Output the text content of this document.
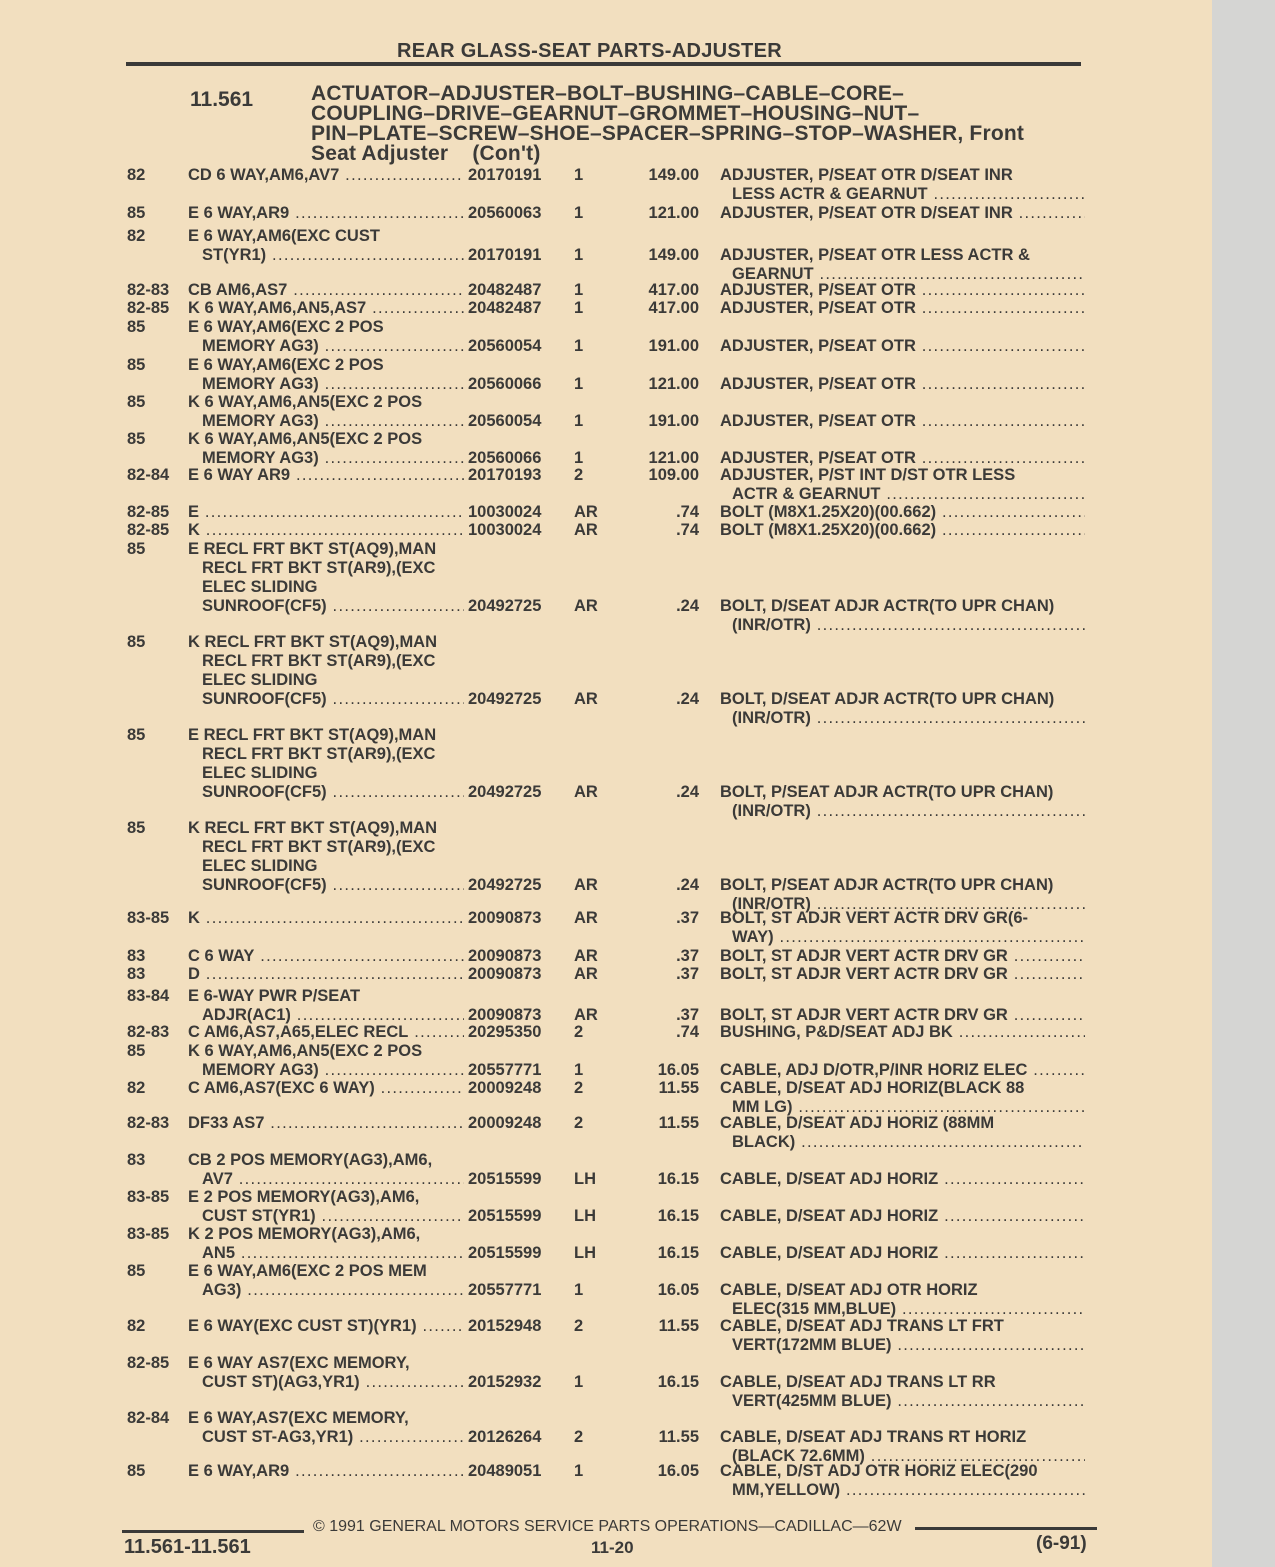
REAR GLASS-SEAT PARTS-ADJUSTER
11.561	ACTUATOR–ADJUSTER–BOLT–BUSHING–CABLE–CORE–
COUPLING–DRIVE–GEARNUT–GROMMET–HOUSING–NUT–
PIN–PLATE–SCREW–SHOE–SPACER–SPRING–STOP–WASHER, Front
Seat Adjuster    (Con't)
82	CD 6 WAY,AM6,AV7 .....	20170191	1	149.00 ADJUSTER, P/SEAT OTR D/SEAT INR
LESS ACTR & GEARNUT .....
85	E 6 WAY,AR9 .....	20560063	1	121.00 ADJUSTER, P/SEAT OTR D/SEAT INR .....
82	E 6 WAY,AM6(EXC CUST
ST(YR1) .....	20170191	1	149.00 ADJUSTER, P/SEAT OTR LESS ACTR &
GEARNUT .....
82-83	CB AM6,AS7 .....	20482487	1	417.00 ADJUSTER, P/SEAT OTR .....
82-85	K 6 WAY,AM6,AN5,AS7 .....	20482487	1	417.00 ADJUSTER, P/SEAT OTR .....
85	E 6 WAY,AM6(EXC 2 POS
MEMORY AG3) .....	20560054	1	191.00 ADJUSTER, P/SEAT OTR .....
85	E 6 WAY,AM6(EXC 2 POS
MEMORY AG3) .....	20560066	1	121.00 ADJUSTER, P/SEAT OTR .....
85	K 6 WAY,AM6,AN5(EXC 2 POS
MEMORY AG3) .....	20560054	1	191.00 ADJUSTER, P/SEAT OTR .....
85	K 6 WAY,AM6,AN5(EXC 2 POS
MEMORY AG3) .....	20560066	1	121.00 ADJUSTER, P/SEAT OTR .....
82-84	E 6 WAY AR9 .....	20170193	2	109.00 ADJUSTER, P/ST INT D/ST OTR LESS
ACTR & GEARNUT .....
82-85	E .....	10030024	AR	.74 BOLT (M8X1.25X20)(00.662) .....
82-85	K .....	10030024	AR	.74 BOLT (M8X1.25X20)(00.662) .....
85	E RECL FRT BKT ST(AQ9),MAN
RECL FRT BKT ST(AR9),(EXC
ELEC SLIDING
SUNROOF(CF5) .....	20492725	AR	.24 BOLT, D/SEAT ADJR ACTR(TO UPR CHAN)
(INR/OTR) .....
85	K RECL FRT BKT ST(AQ9),MAN
RECL FRT BKT ST(AR9),(EXC
ELEC SLIDING
SUNROOF(CF5) .....	20492725	AR	.24 BOLT, D/SEAT ADJR ACTR(TO UPR CHAN)
(INR/OTR) .....
85	E RECL FRT BKT ST(AQ9),MAN
RECL FRT BKT ST(AR9),(EXC
ELEC SLIDING
SUNROOF(CF5) .....	20492725	AR	.24 BOLT, P/SEAT ADJR ACTR(TO UPR CHAN)
(INR/OTR) .....
85	K RECL FRT BKT ST(AQ9),MAN
RECL FRT BKT ST(AR9),(EXC
ELEC SLIDING
SUNROOF(CF5) .....	20492725	AR	.24 BOLT, P/SEAT ADJR ACTR(TO UPR CHAN)
(INR/OTR) .....
83-85	K .....	20090873	AR	.37 BOLT, ST ADJR VERT ACTR DRV GR(6-
WAY) .....
83	C 6 WAY .....	20090873	AR	.37 BOLT, ST ADJR VERT ACTR DRV GR .....
83	D .....	20090873	AR	.37 BOLT, ST ADJR VERT ACTR DRV GR .....
83-84	E 6-WAY PWR P/SEAT
ADJR(AC1) .....	20090873	AR	.37 BOLT, ST ADJR VERT ACTR DRV GR .....
82-83	C AM6,AS7,A65,ELEC RECL .....	20295350	2	.74 BUSHING, P&D/SEAT ADJ BK .....
85	K 6 WAY,AM6,AN5(EXC 2 POS
MEMORY AG3) .....	20557771	1	16.05 CABLE, ADJ D/OTR,P/INR HORIZ ELEC .....
82	C AM6,AS7(EXC 6 WAY) .....	20009248	2	11.55 CABLE, D/SEAT ADJ HORIZ(BLACK 88
MM LG) .....
82-83	DF33 AS7 .....	20009248	2	11.55 CABLE, D/SEAT ADJ HORIZ (88MM
BLACK) .....
83	CB 2 POS MEMORY(AG3),AM6,
AV7 .....	20515599	LH	16.15 CABLE, D/SEAT ADJ HORIZ .....
83-85	E 2 POS MEMORY(AG3),AM6,
CUST ST(YR1) .....	20515599	LH	16.15 CABLE, D/SEAT ADJ HORIZ .....
83-85	K 2 POS MEMORY(AG3),AM6,
AN5 .....	20515599	LH	16.15 CABLE, D/SEAT ADJ HORIZ .....
85	E 6 WAY,AM6(EXC 2 POS MEM
AG3) .....	20557771	1	16.05 CABLE, D/SEAT ADJ OTR HORIZ
ELEC(315 MM,BLUE) .....
82	E 6 WAY(EXC CUST ST)(YR1) .....	20152948	2	11.55 CABLE, D/SEAT ADJ TRANS LT FRT
VERT(172MM BLUE) .....
82-85	E 6 WAY AS7(EXC MEMORY,
CUST ST)(AG3,YR1) .....	20152932	1	16.15 CABLE, D/SEAT ADJ TRANS LT RR
VERT(425MM BLUE) .....
82-84	E 6 WAY,AS7(EXC MEMORY,
CUST ST-AG3,YR1) .....	20126264	2	11.55 CABLE, D/SEAT ADJ TRANS RT HORIZ
(BLACK 72.6MM) .....
85	E 6 WAY,AR9 .....	20489051	1	16.05 CABLE, D/ST ADJ OTR HORIZ ELEC(290
MM,YELLOW) .....
© 1991 GENERAL MOTORS SERVICE PARTS OPERATIONS—CADILLAC—62W
11.561-11.561	11-20	(6-91)
